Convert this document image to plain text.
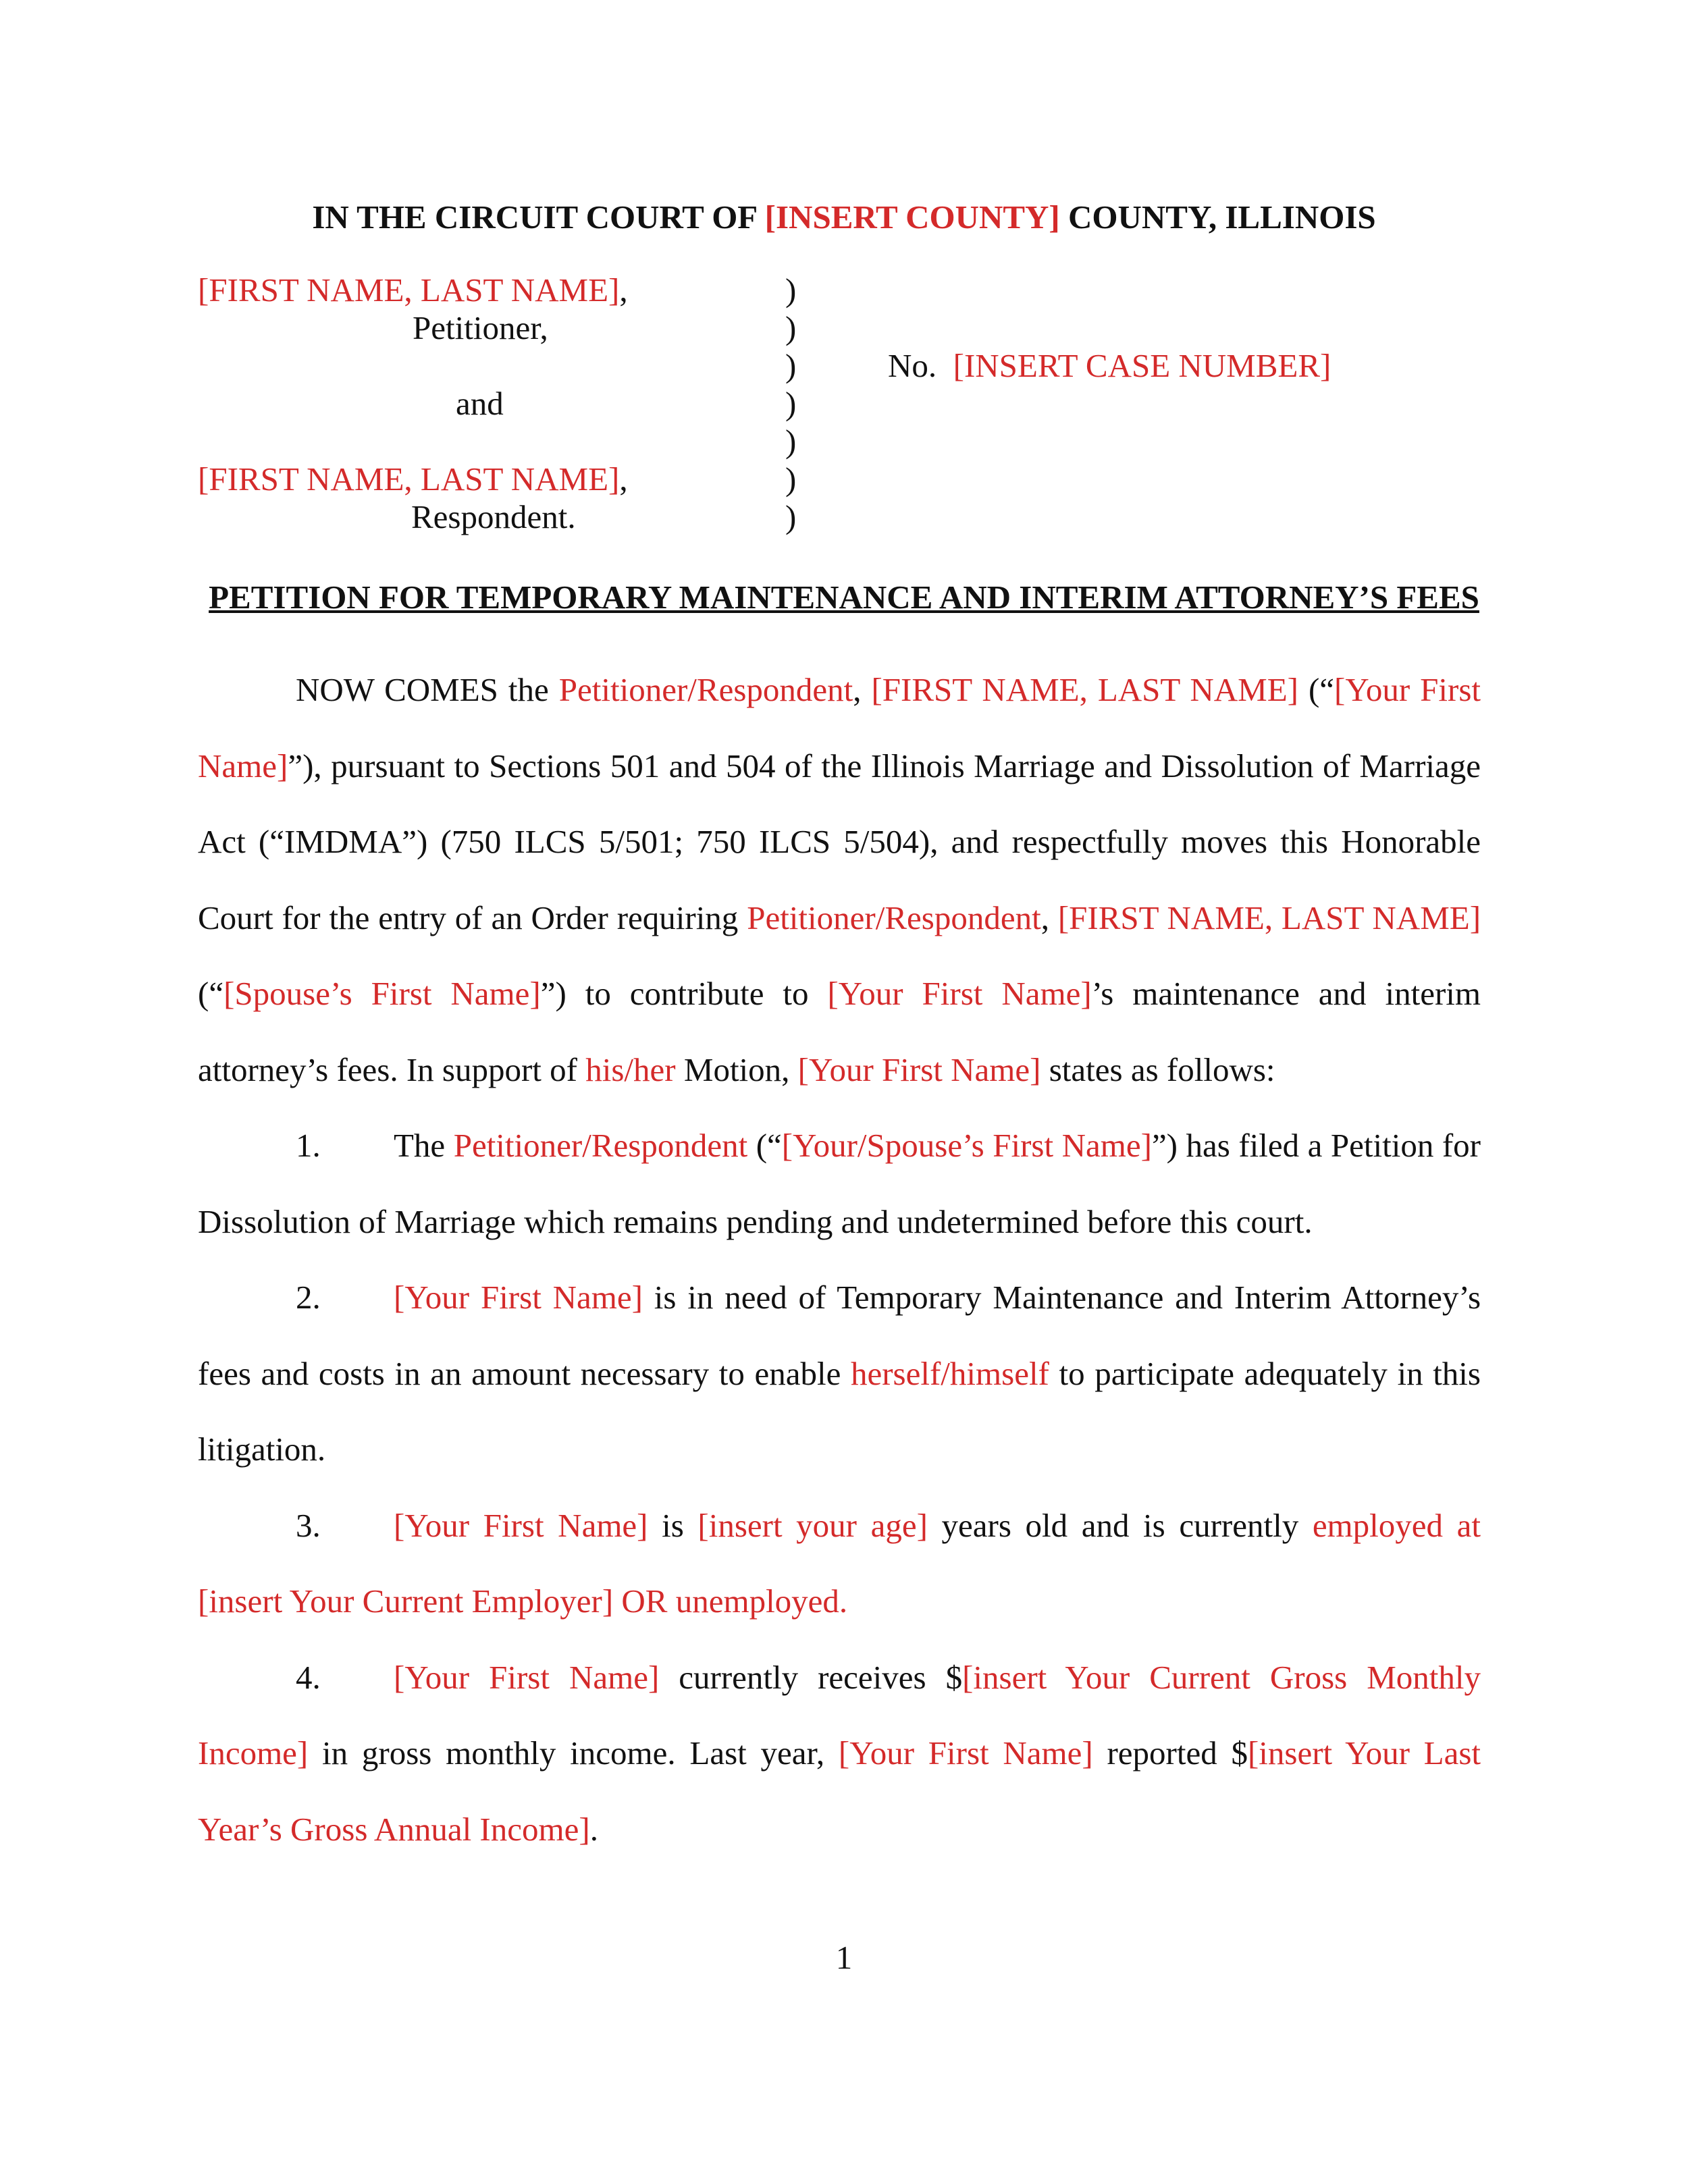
IN THE CIRCUIT COURT OF [INSERT COUNTY] COUNTY, ILLINOIS
[FIRST NAME, LAST NAME],
Petitioner,
and
[FIRST NAME, LAST NAME],
Respondent.
)
)
)
)
)
)
)
No. [INSERT CASE NUMBER]
PETITION FOR TEMPORARY MAINTENANCE AND INTERIM ATTORNEY’S FEES

NOW COMES the Petitioner/Respondent, [FIRST NAME, LAST NAME] (“[Your First Name]”), pursuant to Sections 501 and 504 of the Illinois Marriage and Dissolution of Marriage Act (“IMDMA”) (750 ILCS 5/501; 750 ILCS 5/504), and respectfully moves this Honorable Court for the entry of an Order requiring Petitioner/Respondent, [FIRST NAME, LAST NAME] (“[Spouse’s First Name]”) to contribute to [Your First Name]’s maintenance and interim attorney’s fees. In support of his/her Motion, [Your First Name] states as follows:

1. The Petitioner/Respondent (“[Your/Spouse’s First Name]”) has filed a Petition for Dissolution of Marriage which remains pending and undetermined before this court.

2. [Your First Name] is in need of Temporary Maintenance and Interim Attorney’s fees and costs in an amount necessary to enable herself/himself to participate adequately in this litigation.

3. [Your First Name] is [insert your age] years old and is currently employed at [insert Your Current Employer] OR unemployed.

4. [Your First Name] currently receives $[insert Your Current Gross Monthly Income] in gross monthly income. Last year, [Your First Name] reported $[insert Your Last Year’s Gross Annual Income].

1
